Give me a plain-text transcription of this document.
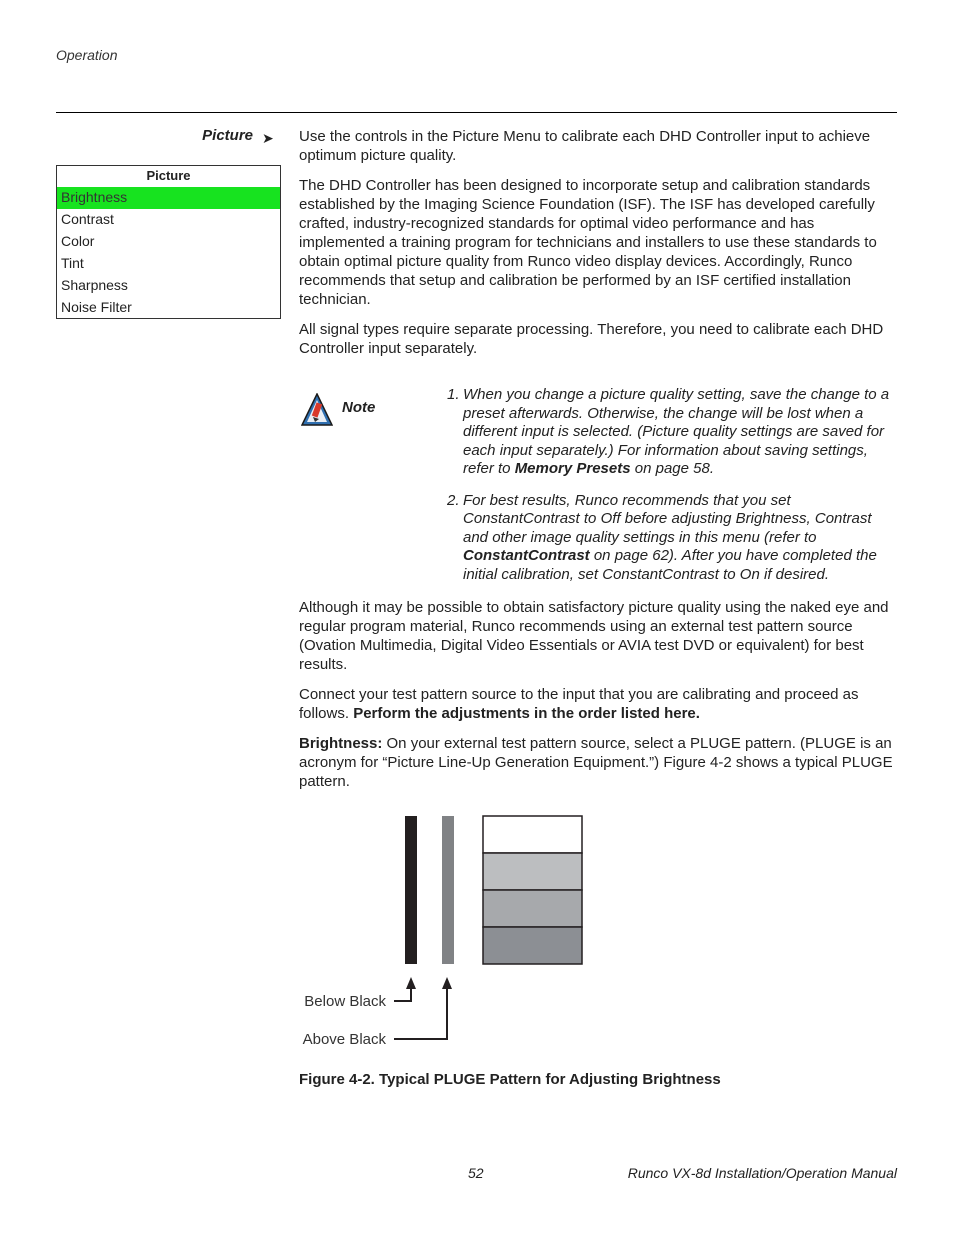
Operation
Picture ➤
Picture
Brightness
Contrast
Color
Tint
Sharpness
Noise Filter

Use the controls in the Picture Menu to calibrate each DHD Controller input to achieve optimum picture quality.

The DHD Controller has been designed to incorporate setup and calibration standards established by the Imaging Science Foundation (ISF). The ISF has developed carefully crafted, industry-recognized standards for optimal video performance and has implemented a training program for technicians and installers to use these standards to obtain optimal picture quality from Runco video display devices. Accordingly, Runco recommends that setup and calibration be performed by an ISF certified installation technician.

All signal types require separate processing. Therefore, you need to calibrate each DHD Controller input separately.

Note
1. When you change a picture quality setting, save the change to a preset afterwards. Otherwise, the change will be lost when a different input is selected. (Picture quality settings are saved for each input separately.) For information about saving settings, refer to Memory Presets on page 58.
2. For best results, Runco recommends that you set ConstantContrast to Off before adjusting Brightness, Contrast and other image quality settings in this menu (refer to ConstantContrast on page 62). After you have completed the initial calibration, set ConstantContrast to On if desired.

Although it may be possible to obtain satisfactory picture quality using the naked eye and regular program material, Runco recommends using an external test pattern source (Ovation Multimedia, Digital Video Essentials or AVIA test DVD or equivalent) for best results.

Connect your test pattern source to the input that you are calibrating and proceed as follows. Perform the adjustments in the order listed here.

Brightness: On your external test pattern source, select a PLUGE pattern. (PLUGE is an acronym for “Picture Line-Up Generation Equipment.”) Figure 4-2 shows a typical PLUGE pattern.

Below Black
Above Black
Figure 4-2. Typical PLUGE Pattern for Adjusting Brightness
52	Runco VX-8d Installation/Operation Manual
